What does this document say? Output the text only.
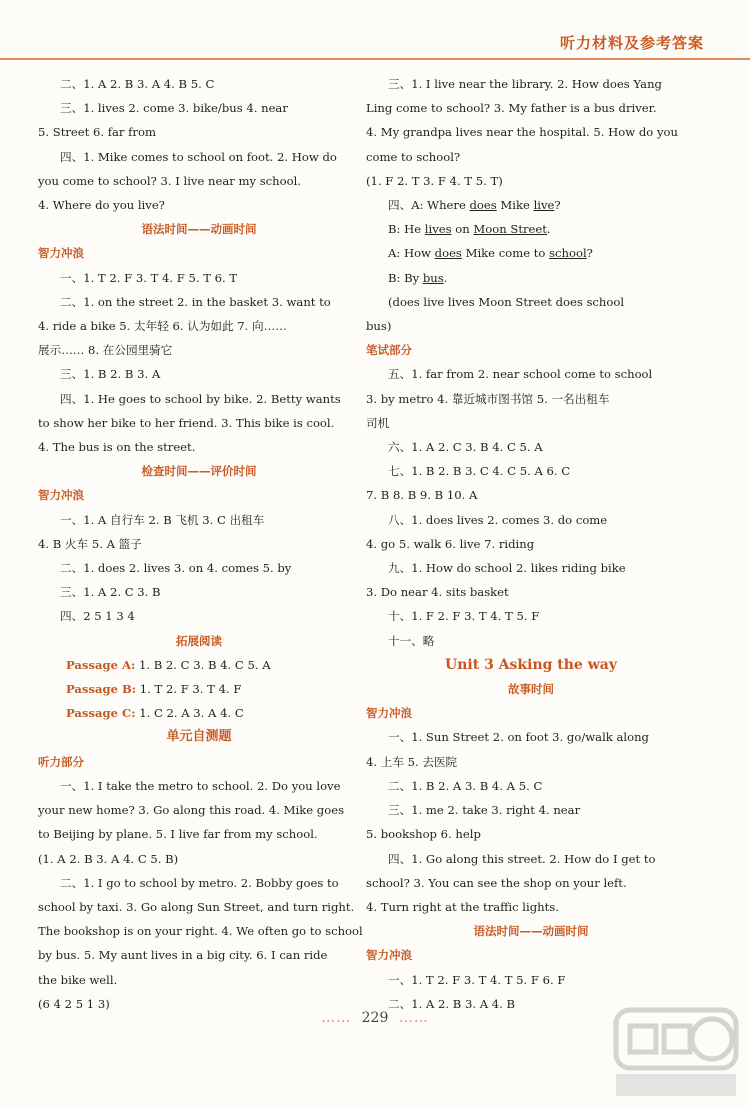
听力材料及参考答案
二、1. A 2. B 3. A 4. B 5. C
三、1. lives 2. come 3. bike/bus 4. near
5. Street 6. far from
四、1. Mike comes to school on foot. 2. How do
you come to school? 3. I live near my school.
4. Where do you live?
语法时间——动画时间
智力冲浪
一、1. T 2. F 3. T 4. F 5. T 6. T
二、1. on the street 2. in the basket 3. want to
4. ride a bike 5. 太年轻 6. 认为如此 7. 向……
展示…… 8. 在公园里骑它
三、1. B 2. B 3. A
四、1. He goes to school by bike. 2. Betty wants
to show her bike to her friend. 3. This bike is cool.
4. The bus is on the street.
检查时间——评价时间
智力冲浪
一、1. A 自行车 2. B 飞机 3. C 出租车
4. B 火车 5. A 篮子
二、1. does 2. lives 3. on 4. comes 5. by
三、1. A 2. C 3. B
四、2 5 1 3 4
拓展阅读
Passage A: 1. B 2. C 3. B 4. C 5. A
Passage B: 1. T 2. F 3. T 4. F
Passage C: 1. C 2. A 3. A 4. C
单元自测题
听力部分
一、1. I take the metro to school. 2. Do you love
your new home? 3. Go along this road. 4. Mike goes
to Beijing by plane. 5. I live far from my school.
(1. A 2. B 3. A 4. C 5. B)
二、1. I go to school by metro. 2. Bobby goes to
school by taxi. 3. Go along Sun Street, and turn right.
The bookshop is on your right. 4. We often go to school
by bus. 5. My aunt lives in a big city. 6. I can ride
the bike well.
(6 4 2 5 1 3)
三、1. I live near the library. 2. How does Yang
Ling come to school? 3. My father is a bus driver.
4. My grandpa lives near the hospital. 5. How do you
come to school?
(1. F 2. T 3. F 4. T 5. T)
四、A: Where does Mike live?
B: He lives on Moon Street.
A: How does Mike come to school?
B: By bus.
(does live lives Moon Street does school
bus)
笔试部分
五、1. far from 2. near school come to school
3. by metro 4. 靠近城市图书馆 5. 一名出租车
司机
六、1. A 2. C 3. B 4. C 5. A
七、1. B 2. B 3. C 4. C 5. A 6. C
7. B 8. B 9. B 10. A
八、1. does lives 2. comes 3. do come
4. go 5. walk 6. live 7. riding
九、1. How do school 2. likes riding bike
3. Do near 4. sits basket
十、1. F 2. F 3. T 4. T 5. F
十一、略
Unit 3 Asking the way
故事时间
智力冲浪
一、1. Sun Street 2. on foot 3. go/walk along
4. 上车 5. 去医院
二、1. B 2. A 3. B 4. A 5. C
三、1. me 2. take 3. right 4. near
5. bookshop 6. help
四、1. Go along this street. 2. How do I get to
school? 3. You can see the shop on your left.
4. Turn right at the traffic lights.
语法时间——动画时间
智力冲浪
一、1. T 2. F 3. T 4. T 5. F 6. F
二、1. A 2. B 3. A 4. B
…… 229 ……
